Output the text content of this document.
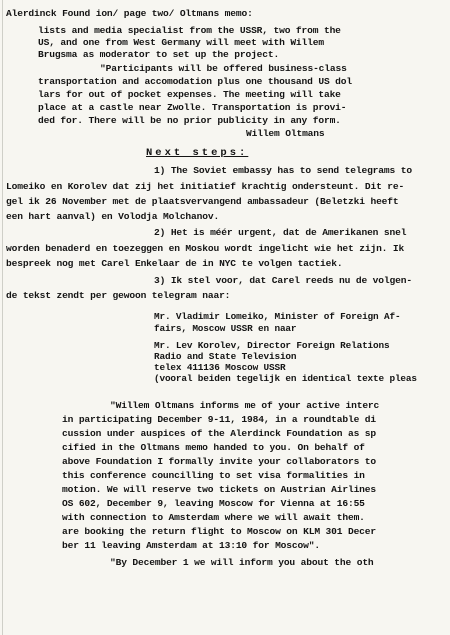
Alerdinck Found ion/ page two/ Oltmans memo:
lists and media specialist from the USSR, two from the
US, and one from West Germany will meet with Willem
Brugsma as moderator to set up the project.
"Participants will be offered business-class
transportation and accomodation plus one thousand US dol
lars for out of pocket expenses. The meeting will take
place at a castle near Zwolle. Transportation is provi-
ded for. There will be no prior publicity in any form.
Willem Oltmans
Next steps:
1) The Soviet embassy has to send telegrams to
Lomeiko en Korolev dat zij het initiatief krachtig ondersteunt. Dit re-
gel ik 26 November met de plaatsvervangend ambassadeur (Beletzki heeft
een hart aanval) en Volodja Molchanov.
2) Het is méér urgent, dat de Amerikanen snel
worden benaderd en toezeggen en Moskou wordt ingelicht wie het zijn. Ik
bespreek nog met Carel Enkelaar de in NYC te volgen tactiek.
3) Ik stel voor, dat Carel reeds nu de volgen-
de tekst zendt per gewoon telegram naar:
Mr. Vladimir Lomeiko, Minister of Foreign Af-
fairs, Moscow USSR en naar
Mr. Lev Korolev, Director Foreign Relations
Radio and State Television
telex 411136 Moscow USSR
(vooral beiden tegelijk en identical texte pleas
"Willem Oltmans informs me of your active interc
in participating December 9-11, 1984, in a roundtable di
cussion under auspices of the Alerdinck Foundation as sp
cified in the Oltmans memo handed to you. On behalf of
above Foundation I formally invite your collaborators to
this conference councilling to set visa formalities in
motion. We will reserve two tickets on Austrian Airlines
OS 602, December 9, leaving Moscow for Vienna at 16:55
with connection to Amsterdam where we will await them.
are booking the return flight to Moscow on KLM 301 Decer
ber 11 leaving Amsterdam at 13:10 for Moscow".
"By December 1 we will inform you about the oth
